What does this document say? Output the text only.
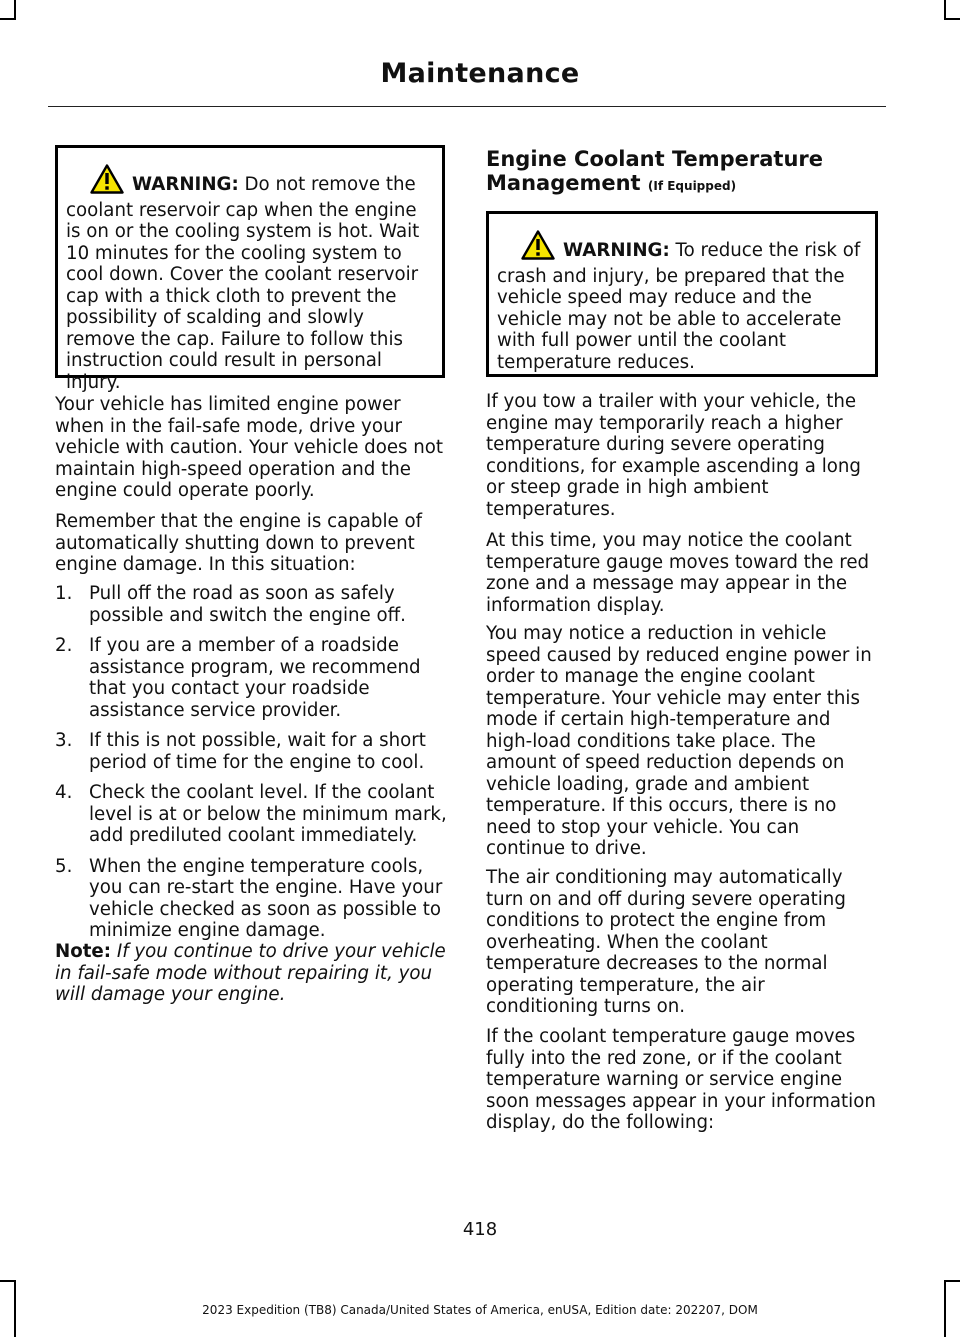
Maintenance
WARNING: Do not remove the coolant reservoir cap when the engine is on or the cooling system is hot. Wait 10 minutes for the cooling system to cool down. Cover the coolant reservoir cap with a thick cloth to prevent the possibility of scalding and slowly remove the cap. Failure to follow this instruction could result in personal injury.

Your vehicle has limited engine power when in the fail-safe mode, drive your vehicle with caution. Your vehicle does not maintain high-speed operation and the engine could operate poorly.

Remember that the engine is capable of automatically shutting down to prevent engine damage. In this situation:

1. Pull off the road as soon as safely possible and switch the engine off.
2. If you are a member of a roadside assistance program, we recommend that you contact your roadside assistance service provider.
3. If this is not possible, wait for a short period of time for the engine to cool.
4. Check the coolant level. If the coolant level is at or below the minimum mark, add prediluted coolant immediately.
5. When the engine temperature cools, you can re-start the engine. Have your vehicle checked as soon as possible to minimize engine damage.

Note: If you continue to drive your vehicle in fail-safe mode without repairing it, you will damage your engine.

Engine Coolant Temperature
Management (If Equipped)
WARNING: To reduce the risk of crash and injury, be prepared that the vehicle speed may reduce and the vehicle may not be able to accelerate with full power until the coolant temperature reduces.

If you tow a trailer with your vehicle, the engine may temporarily reach a higher temperature during severe operating conditions, for example ascending a long or steep grade in high ambient temperatures.

At this time, you may notice the coolant temperature gauge moves toward the red zone and a message may appear in the information display.

You may notice a reduction in vehicle speed caused by reduced engine power in order to manage the engine coolant temperature. Your vehicle may enter this mode if certain high-temperature and high-load conditions take place. The amount of speed reduction depends on vehicle loading, grade and ambient temperature. If this occurs, there is no need to stop your vehicle. You can continue to drive.

The air conditioning may automatically turn on and off during severe operating conditions to protect the engine from overheating. When the coolant temperature decreases to the normal operating temperature, the air conditioning turns on.

If the coolant temperature gauge moves fully into the red zone, or if the coolant temperature warning or service engine soon messages appear in your information display, do the following:

418
2023 Expedition (TB8) Canada/United States of America, enUSA, Edition date: 202207, DOM
